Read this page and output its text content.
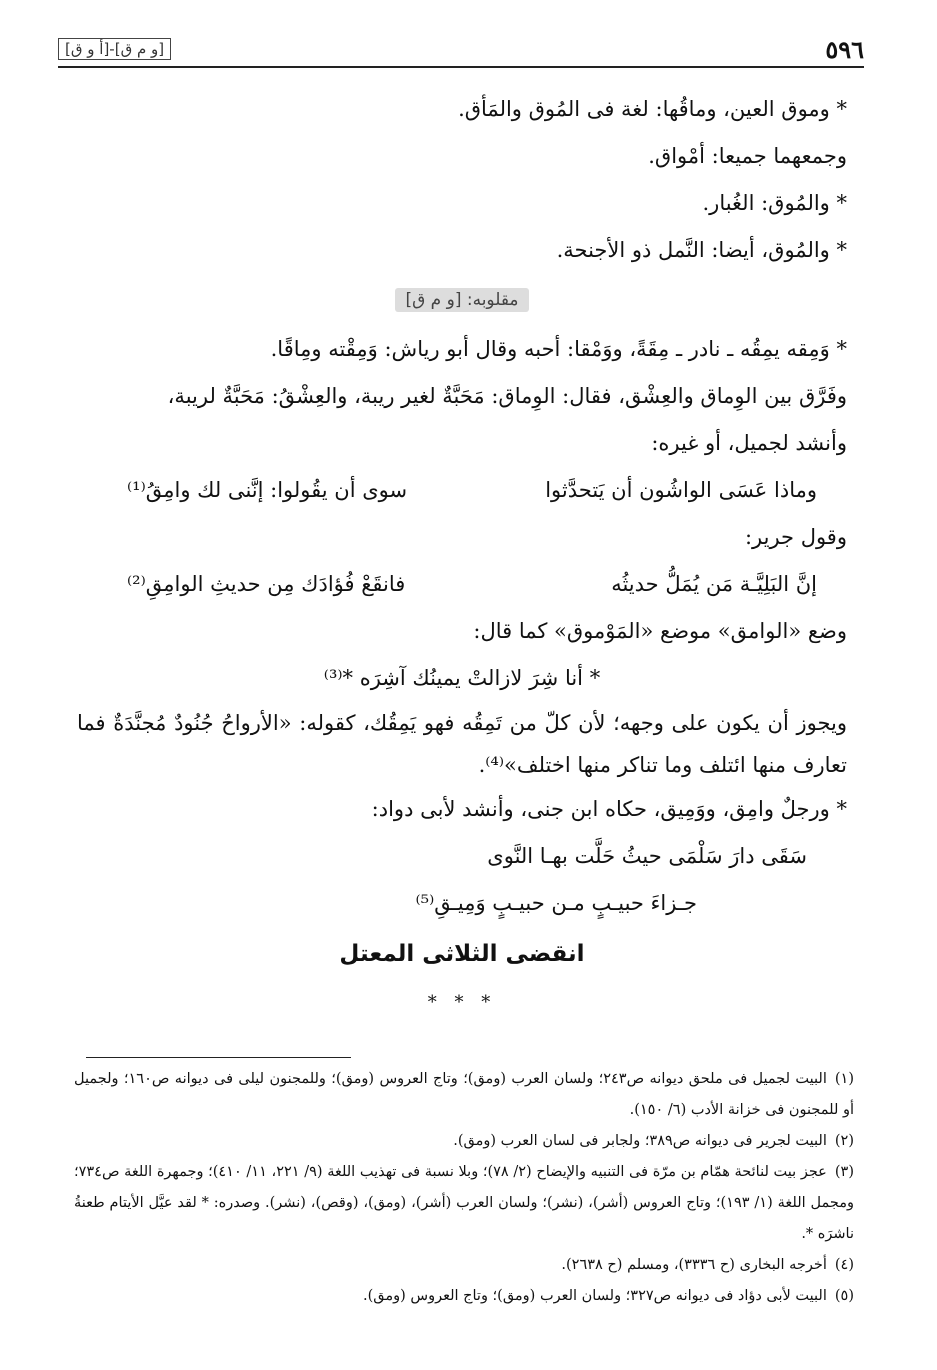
[أ و ق]-[و م ق]	٥٩٦
* وموق العين، وماقُها: لغة فى المُوق والمَأق.
وجمعهما جميعا: أمْواق.
* والمُوق: الغُبار.
* والمُوق، أيضا: النَّمل ذو الأجنحة.
مقلوبه: [و م ق]
* وَمِقه يمِقُه ـ نادر ـ مِقَةً، ووَمْقا: أحبه وقال أبو رياش: وَمِقْته ومِاقًا.
وفَرَّق بين الوِماق والعِشْق، فقال: الوِماق: مَحَبَّةٌ لغير ريبة، والعِشْقُ: مَحَبَّةٌ لريبة،
وأنشد لجميل، أو غيره:
وماذا عَسَى الواشُون أن يَتحدَّثوا
سوى أن يقُولوا: إنَّنى لك وامِقُ⁽¹⁾
وقول جرير:
إنَّ البَلِيَّـة مَن يُمَلُّ حديثُه
فانقَعْ فُؤادَك مِن حديثِ الوامِقِ⁽²⁾
وضع «الوامق» موضع «المَوْموق» كما قال:
* أنا شِرَ لازالتْ يمينُك آشِرَه *⁽³⁾
ويجوز أن يكون على وجهه؛ لأن كلّ من تَمِقُه فهو يَمِقُك، كقوله: «الأرواحُ جُنُودٌ مُجنَّدَةٌ فما تعارف منها ائتلف وما تناكر منها اختلف»⁽⁴⁾.
* ورجلٌ وامِق، ووَمِيق، حكاه ابن جنى، وأنشد لأبى دواد:
سَقَى دارَ سَلْمَى حيثُ حَلَّت بهـا النَّوى
جـزاءَ حبيـبٍ مـن حبيـبٍ وَمِيـقِ⁽⁵⁾
انقضى الثلاثى المعتل
* * *
(١)البيت لجميل فى ملحق ديوانه ص٢٤٣؛ ولسان العرب (ومق)؛ وتاج العروس (ومق)؛ وللمجنون ليلى فى ديوانه ص١٦٠؛ ولجميل أو للمجنون فى خزانة الأدب (٦/ ١٥٠).
(٢)البيت لجرير فى ديوانه ص٣٨٩؛ ولجابر فى لسان العرب (ومق).
(٣)عجز بيت لنائحة همّام بن مرّة فى التنبيه والإيضاح (٢/ ٧٨)؛ وبلا نسبة فى تهذيب اللغة (٩/ ٢٢١، ١١/ ٤١٠)؛ وجمهرة اللغة ص٧٣٤؛ ومجمل اللغة (١/ ١٩٣)؛ وتاج العروس (أشر)، (نشر)؛ ولسان العرب (أشر)، (ومق)، (وقص)، (نشر). وصدره: * لقد عيَّل الأيتام طعنةُ ناشرَه *.
(٤)أخرجه البخارى (ح ٣٣٣٦)، ومسلم (ح ٢٦٣٨).
(٥)البيت لأبى دؤاد فى ديوانه ص٣٢٧؛ ولسان العرب (ومق)؛ وتاج العروس (ومق).
